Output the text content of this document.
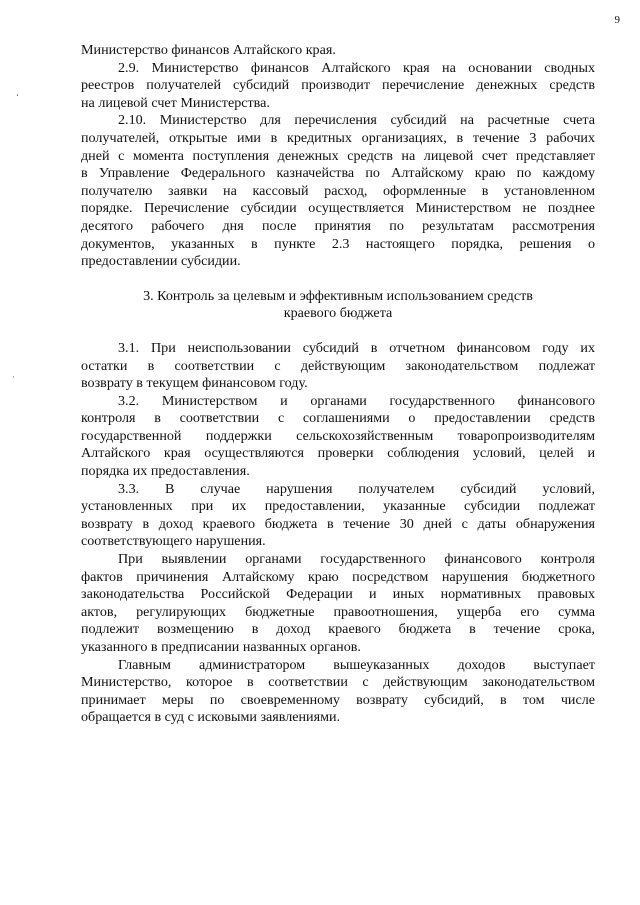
9
‘
·
Министерство финансов Алтайского края.
2.9. Министерство финансов Алтайского края на основании сводных
реестров получателей субсидий производит перечисление денежных средств
на лицевой счет Министерства.
2.10. Министерство для перечисления субсидий на расчетные счета
получателей, открытые ими в кредитных организациях, в течение 3 рабочих
дней с момента поступления денежных средств на лицевой счет представляет
в Управление Федерального казначейства по Алтайскому краю по каждому
получателю заявки на кассовый расход, оформленные в установленном
порядке. Перечисление субсидии осуществляется Министерством не позднее
десятого рабочего дня после принятия по результатам рассмотрения
документов, указанных в пункте 2.3 настоящего порядка, решения о
предоставлении субсидии.
3. Контроль за целевым и эффективным использованием средств
краевого бюджета
3.1. При неиспользовании субсидий в отчетном финансовом году их
остатки в соответствии с действующим законодательством подлежат
возврату в текущем финансовом году.
3.2. Министерством и органами государственного финансового
контроля в соответствии с соглашениями о предоставлении средств
государственной поддержки сельскохозяйственным товаропроизводителям
Алтайского края осуществляются проверки соблюдения условий, целей и
порядка их предоставления.
3.3. В случае нарушения получателем субсидий условий,
установленных при их предоставлении, указанные субсидии подлежат
возврату в доход краевого бюджета в течение 30 дней с даты обнаружения
соответствующего нарушения.
При выявлении органами государственного финансового контроля
фактов причинения Алтайскому краю посредством нарушения бюджетного
законодательства Российской Федерации и иных нормативных правовых
актов, регулирующих бюджетные правоотношения, ущерба его сумма
подлежит возмещению в доход краевого бюджета в течение срока,
указанного в предписании названных органов.
Главным администратором вышеуказанных доходов выступает
Министерство, которое в соответствии с действующим законодательством
принимает меры по своевременному возврату субсидий, в том числе
обращается в суд с исковыми заявлениями.
